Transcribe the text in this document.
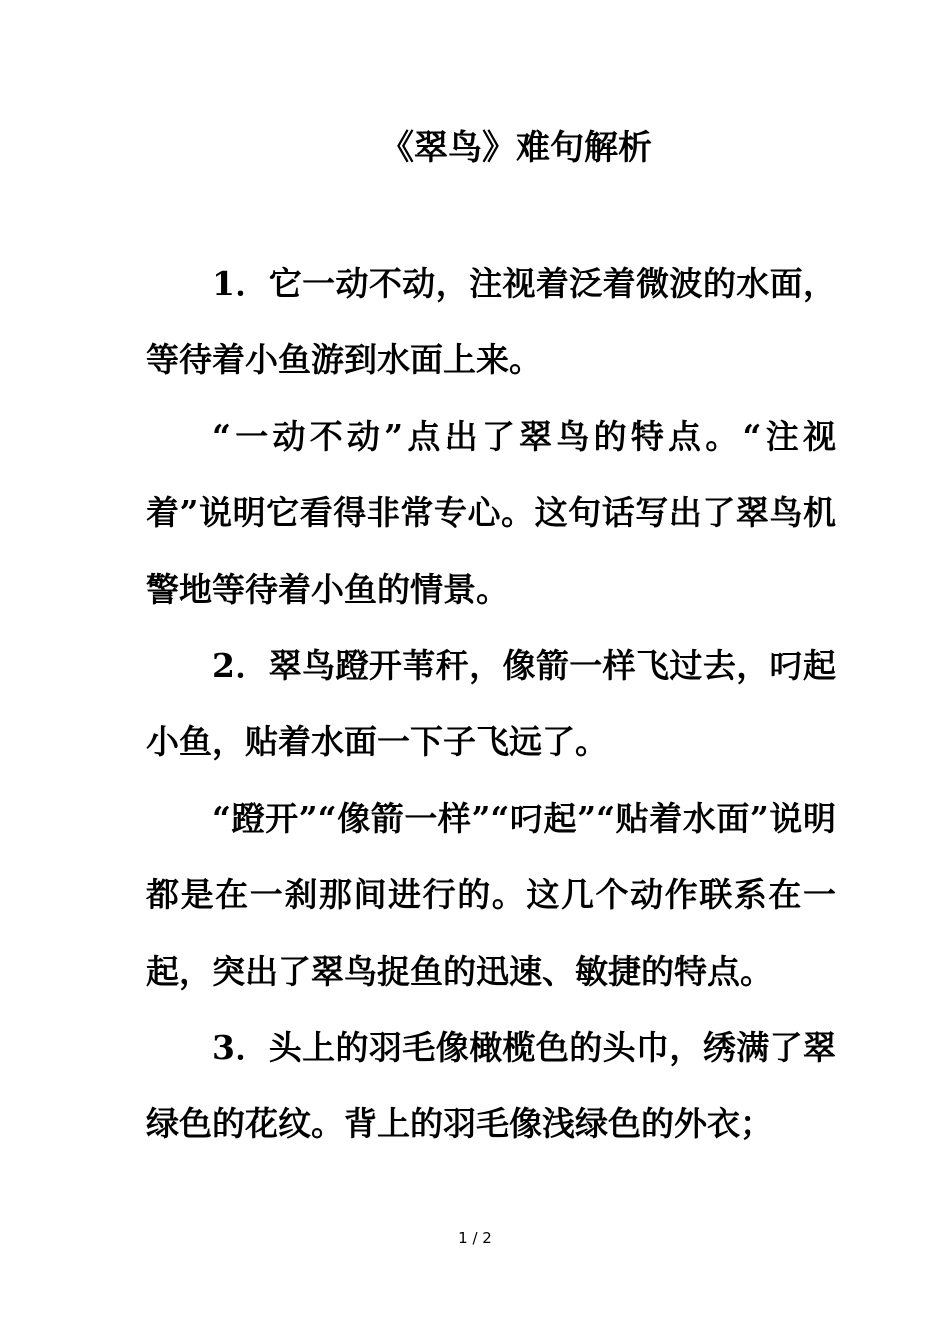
《翠鸟》难句解析

1．它一动不动，注视着泛着微波的水面，等待着小鱼游到水面上来。

“一动不动”点出了翠鸟的特点。“注视着”说明它看得非常专心。这句话写出了翠鸟机警地等待着小鱼的情景。

2．翠鸟蹬开苇秆，像箭一样飞过去，叼起小鱼，贴着水面一下子飞远了。

“蹬开”“像箭一样”“叼起”“贴着水面”说明都是在一刹那间进行的。这几个动作联系在一起，突出了翠鸟捉鱼的迅速、敏捷的特点。

3．头上的羽毛像橄榄色的头巾，绣满了翠绿色的花纹。背上的羽毛像浅绿色的外衣；

1 / 2
